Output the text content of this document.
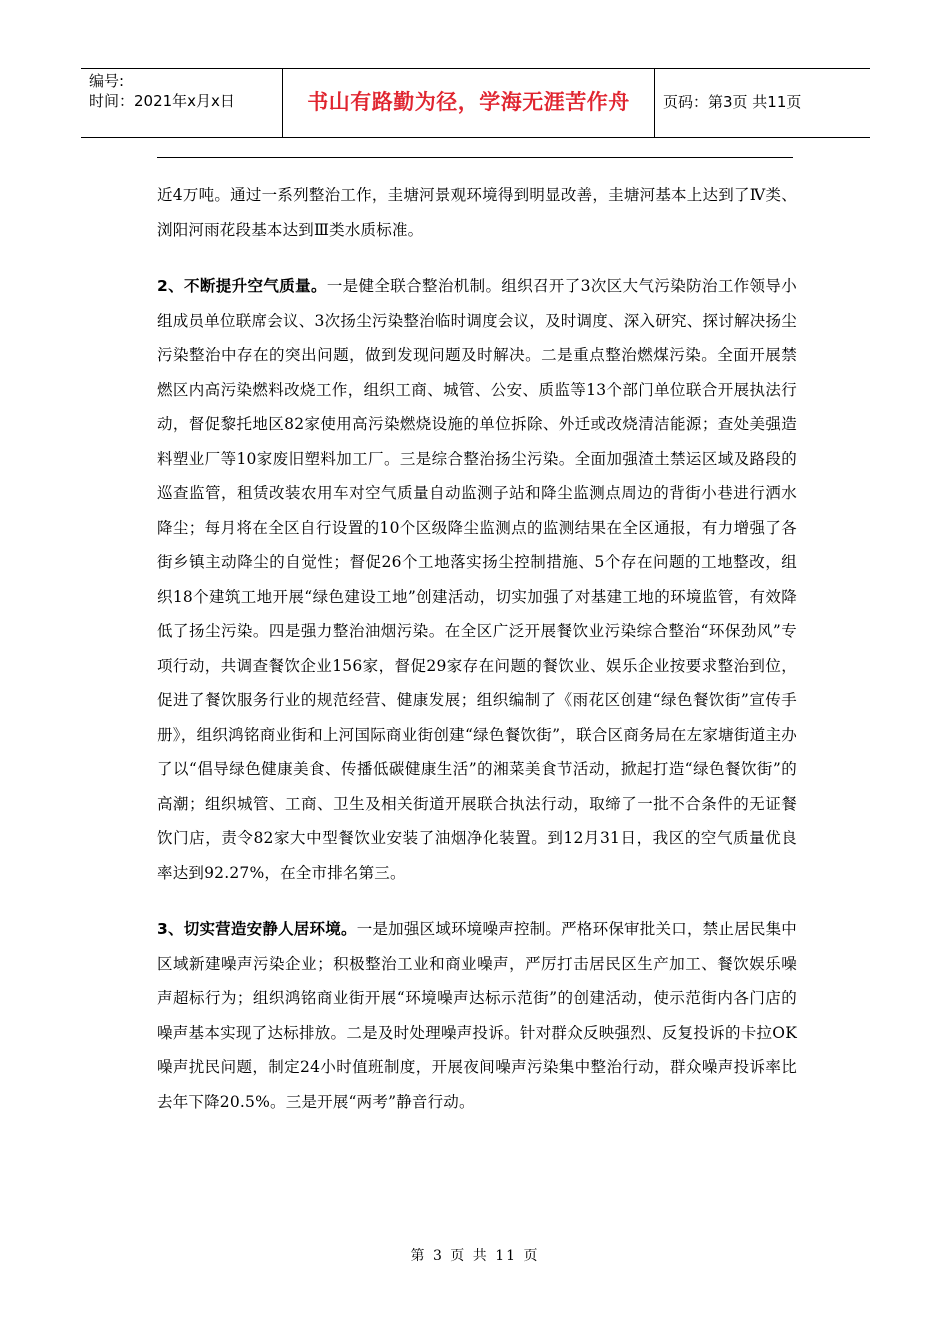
编号:
时间：2021年x月x日	书山有路勤为径，学海无涯苦作舟 页码：第3页 共11页

近4万吨。通过一系列整治工作，圭塘河景观环境得到明显改善，圭塘河基本上达到了Ⅳ类、浏阳河雨花段基本达到Ⅲ类水质标准。

2、不断提升空气质量。一是健全联合整治机制。组织召开了3次区大气污染防治工作领导小组成员单位联席会议、3次扬尘污染整治临时调度会议，及时调度、深入研究、探讨解决扬尘污染整治中存在的突出问题，做到发现问题及时解决。二是重点整治燃煤污染。全面开展禁燃区内高污染燃料改烧工作，组织工商、城管、公安、质监等13个部门单位联合开展执法行动，督促黎托地区82家使用高污染燃烧设施的单位拆除、外迁或改烧清洁能源；查处美强造料塑业厂等10家废旧塑料加工厂。三是综合整治扬尘污染。全面加强渣土禁运区域及路段的巡查监管，租赁改装农用车对空气质量自动监测子站和降尘监测点周边的背街小巷进行洒水降尘；每月将在全区自行设置的10个区级降尘监测点的监测结果在全区通报，有力增强了各街乡镇主动降尘的自觉性；督促26个工地落实扬尘控制措施、5个存在问题的工地整改，组织18个建筑工地开展“绿色建设工地”创建活动，切实加强了对基建工地的环境监管，有效降低了扬尘污染。四是强力整治油烟污染。在全区广泛开展餐饮业污染综合整治“环保劲风”专项行动，共调查餐饮企业156家，督促29家存在问题的餐饮业、娱乐企业按要求整治到位，促进了餐饮服务行业的规范经营、健康发展；组织编制了《雨花区创建“绿色餐饮街”宣传手册》，组织鸿铭商业街和上河国际商业街创建“绿色餐饮街”，联合区商务局在左家塘街道主办了以“倡导绿色健康美食、传播低碳健康生活”的湘菜美食节活动，掀起打造“绿色餐饮街”的高潮；组织城管、工商、卫生及相关街道开展联合执法行动，取缔了一批不合条件的无证餐饮门店，责令82家大中型餐饮业安装了油烟净化装置。到12月31日，我区的空气质量优良率达到92.27%，在全市排名第三。

3、切实营造安静人居环境。一是加强区域环境噪声控制。严格环保审批关口，禁止居民集中区域新建噪声污染企业；积极整治工业和商业噪声，严厉打击居民区生产加工、餐饮娱乐噪声超标行为；组织鸿铭商业街开展“环境噪声达标示范街”的创建活动，使示范街内各门店的噪声基本实现了达标排放。二是及时处理噪声投诉。针对群众反映强烈、反复投诉的卡拉OK噪声扰民问题，制定24小时值班制度，开展夜间噪声污染集中整治行动，群众噪声投诉率比去年下降20.5%。三是开展“两考”静音行动。

第 3 页 共 11 页
